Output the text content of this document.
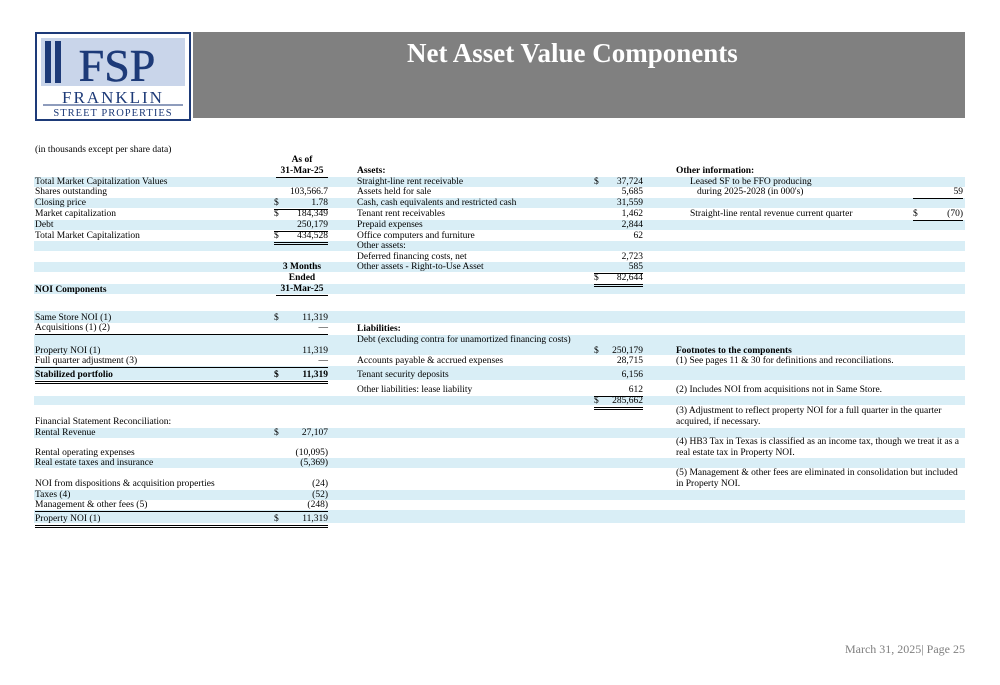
FSP
FRANKLIN
STREET PROPERTIES
Net Asset Value Components
(in thousands except per share data)
As of
31-Mar-25
Total Market Capitalization Values
Shares outstanding	103,566.7
Closing price	$	1.78
Market capitalization	$ 184,349
Debt	250,179
Total Market Capitalization	$ 434,528
3 Months
Ended
31-Mar-25
NOI Components
Same Store NOI (1)	$ 11,319
Acquisitions (1) (2)	—
Property NOI (1)	11,319
Full quarter adjustment (3)	—
Stabilized portfolio	$ 11,319
Financial Statement Reconciliation:
Rental Revenue	$ 27,107
Rental operating expenses	(10,095)
Real estate taxes and insurance	(5,369)
NOI from dispositions & acquisition properties	(24)
Taxes (4)	(52)
Management & other fees (5)	(248)
Property NOI (1)	$ 11,319
Assets:
Straight-line rent receivable	$ 37,724
Assets held for sale	5,685
Cash, cash equivalents and restricted cash	31,559
Tenant rent receivables	1,462
Prepaid expenses	2,844
Office computers and furniture	62
Other assets:
Deferred financing costs, net	2,723
Other assets - Right-to-Use Asset	585
$ 82,644
Liabilities:
Debt (excluding contra for unamortized financing costs)
$ 250,179
Accounts payable & accrued expenses	28,715
Tenant security deposits	6,156
Other liabilities: lease liability	612
$ 285,662
Other information:
Leased SF to be FFO producing
during 2025-2028 (in 000's)	59
Straight-line rental revenue current quarter	$	(70)
Footnotes to the components
(1) See pages 11 & 30 for definitions and reconciliations.
(2) Includes NOI from acquisitions not in Same Store.
(3) Adjustment to reflect property NOI for a full quarter in the quarter acquired, if necessary.
(4) HB3 Tax in Texas is classified as an income tax, though we treat it as a real estate tax in Property NOI.
(5) Management & other fees are eliminated in consolidation but included in Property NOI.
March 31, 2025| Page 25
